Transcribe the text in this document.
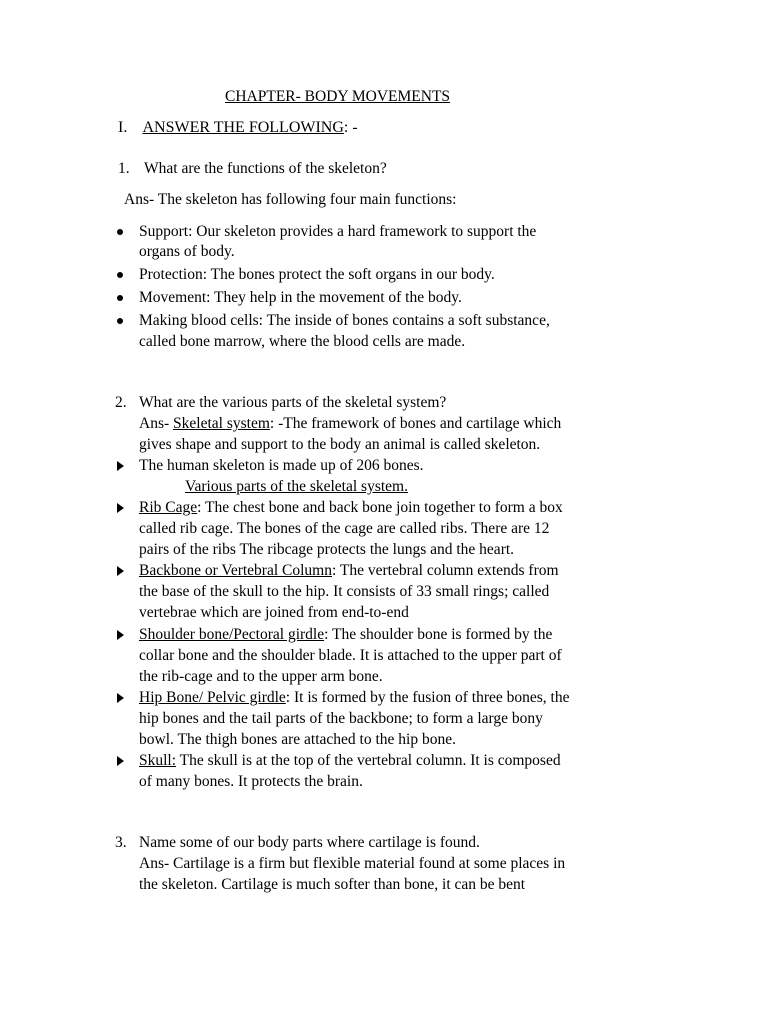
CHAPTER- BODY MOVEMENTS
I. ANSWER THE FOLLOWING: -
1. What are the functions of the skeleton?
Ans- The skeleton has following four main functions:
Support: Our skeleton provides a hard framework to support the
organs of body.
Protection: The bones protect the soft organs in our body.
Movement: They help in the movement of the body.
Making blood cells: The inside of bones contains a soft substance,
called bone marrow, where the blood cells are made.
2. What are the various parts of the skeletal system?
Ans- Skeletal system: -The framework of bones and cartilage which
gives shape and support to the body an animal is called skeleton.
The human skeleton is made up of 206 bones.
Various parts of the skeletal system.
Rib Cage: The chest bone and back bone join together to form a box
called rib cage. The bones of the cage are called ribs. There are 12
pairs of the ribs The ribcage protects the lungs and the heart.
Backbone or Vertebral Column: The vertebral column extends from
the base of the skull to the hip. It consists of 33 small rings; called
vertebrae which are joined from end-to-end
Shoulder bone/Pectoral girdle: The shoulder bone is formed by the
collar bone and the shoulder blade. It is attached to the upper part of
the rib-cage and to the upper arm bone.
Hip Bone/ Pelvic girdle: It is formed by the fusion of three bones, the
hip bones and the tail parts of the backbone; to form a large bony
bowl. The thigh bones are attached to the hip bone.
Skull: The skull is at the top of the vertebral column. It is composed
of many bones. It protects the brain.
3. Name some of our body parts where cartilage is found.
Ans- Cartilage is a firm but flexible material found at some places in
the skeleton. Cartilage is much softer than bone, it can be bent
